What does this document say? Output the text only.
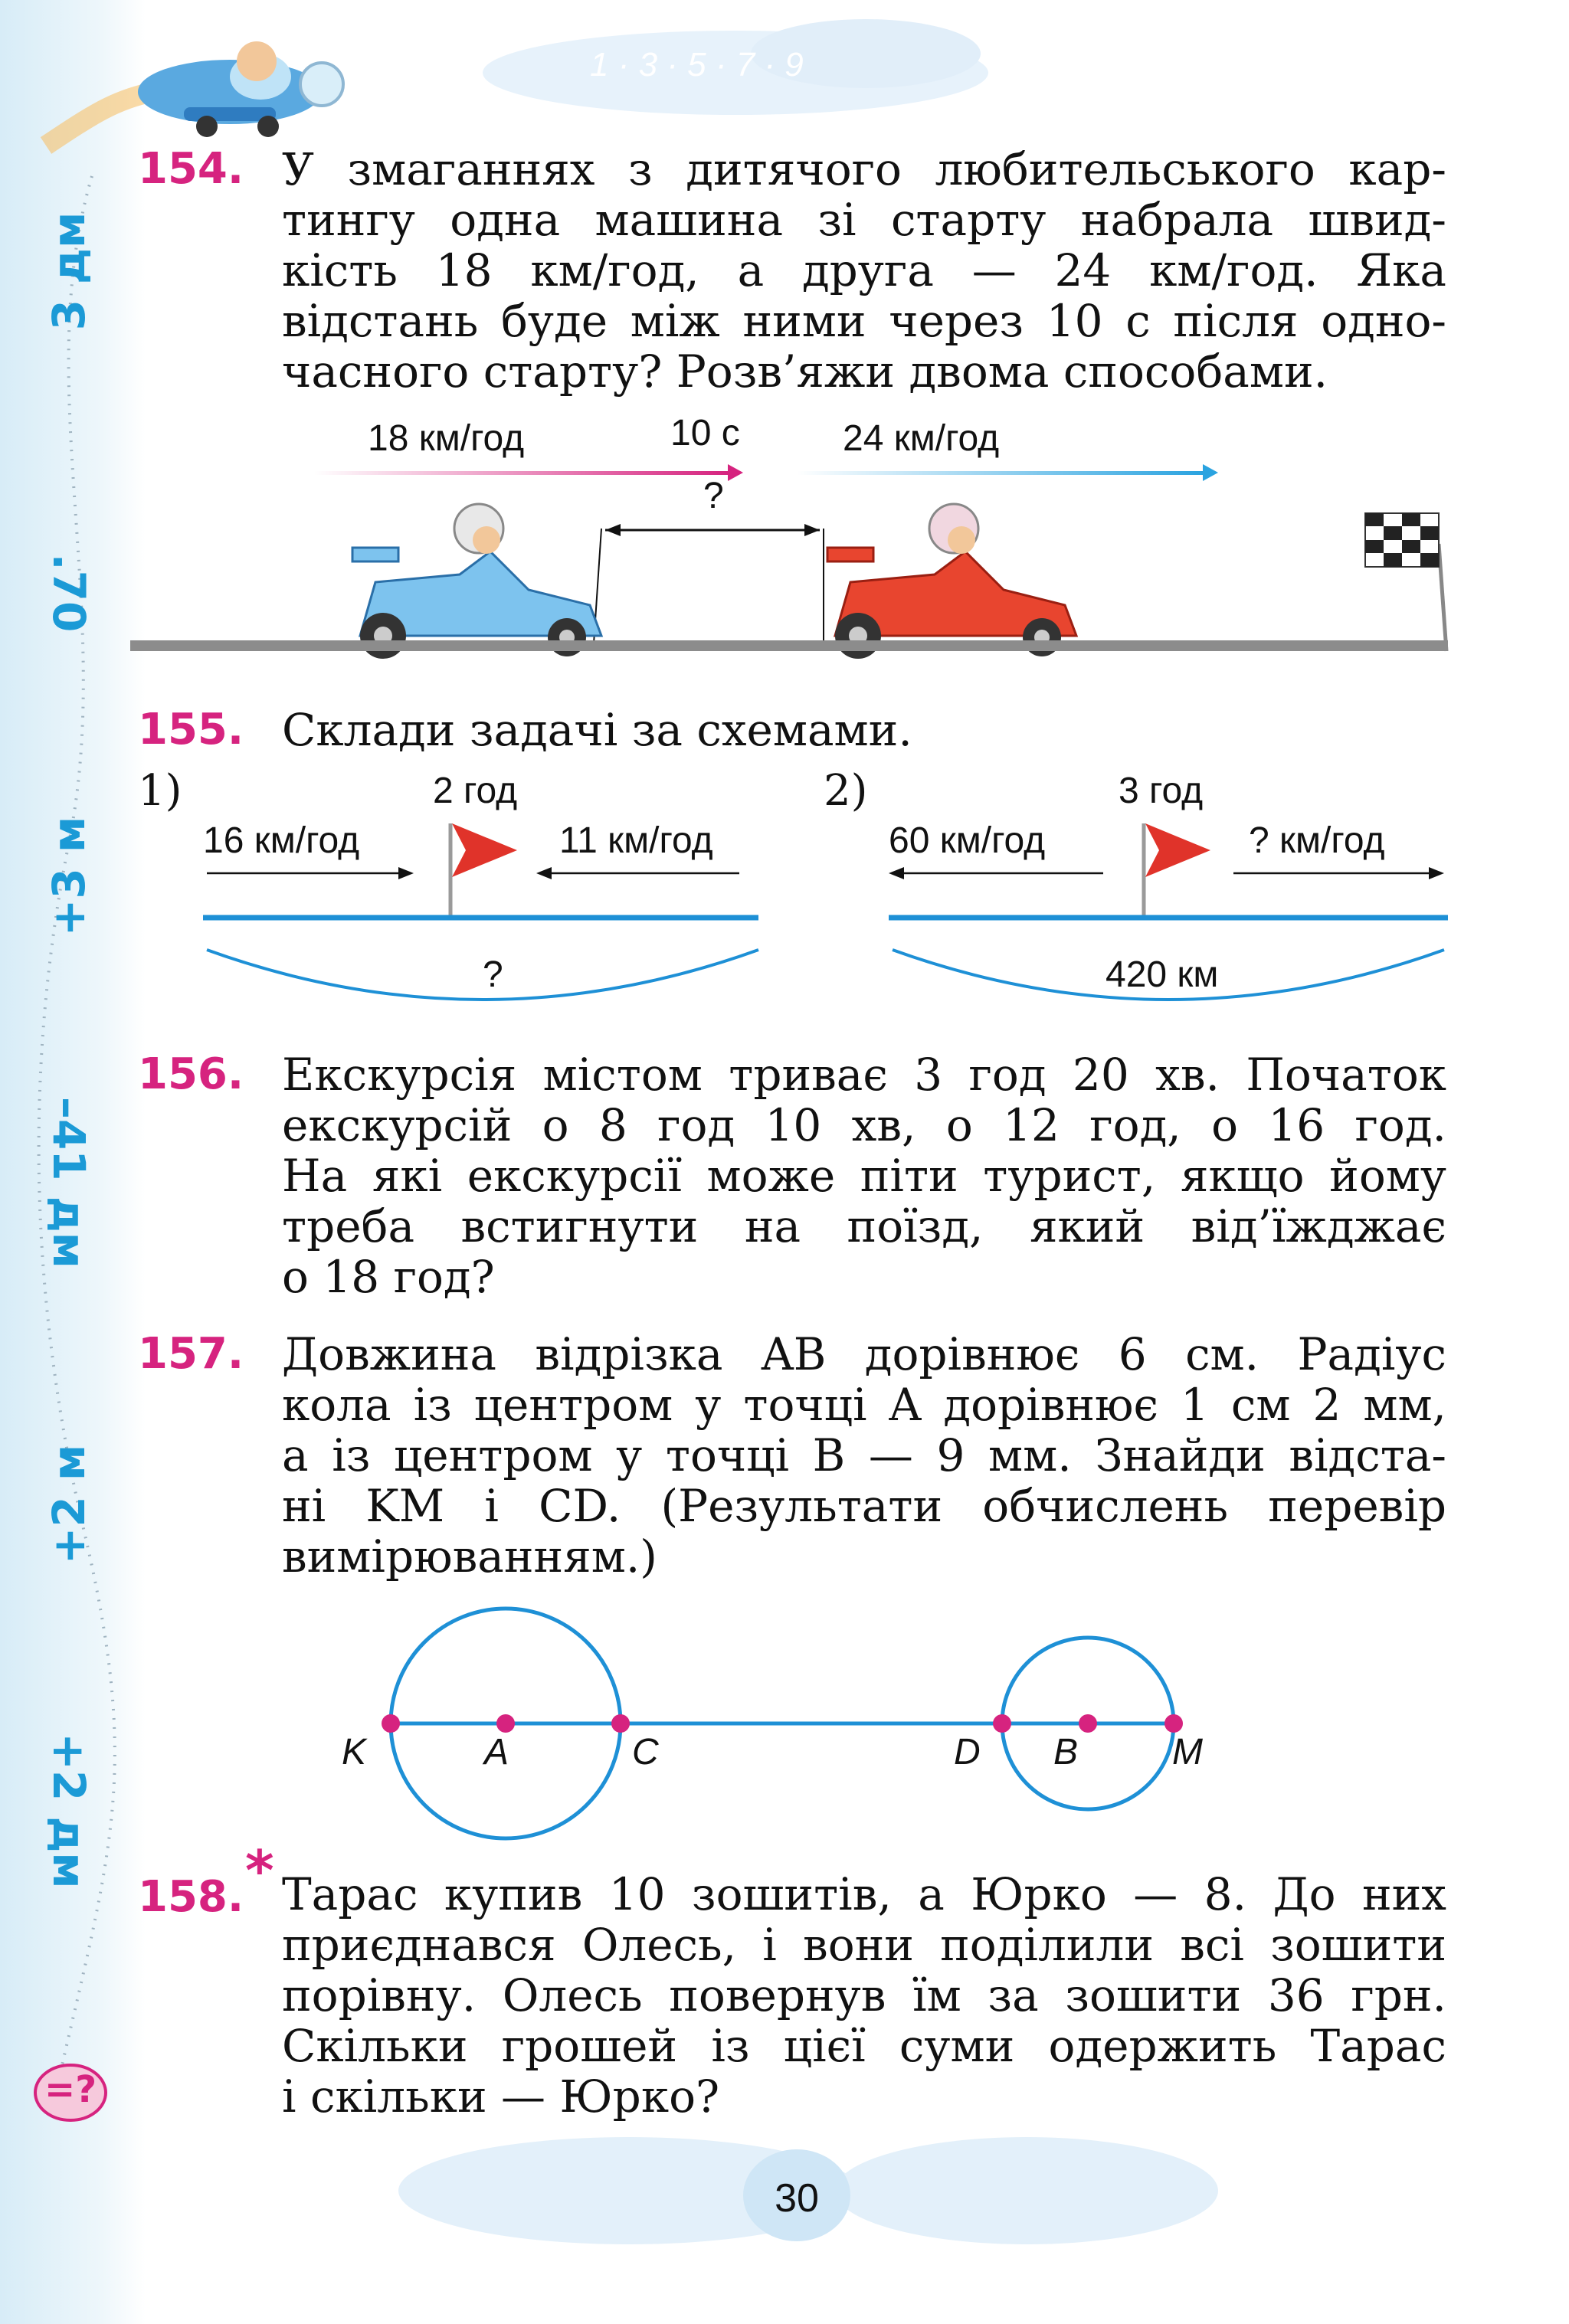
1 · 3 · 5 · 7 · 9
=?
3 дм
.70
+3 м
–41 дм
+2 м
+2 дм
154. У змаганнях з дитячого любительського кар-
тингу одна машина зі старту набрала швид-
кість 18 км/год, а друга — 24 км/год. Яка
відстань буде між ними через 10 с після одно-
часного старту? Розв’яжи двома способами.
18 км/год	10 с	24 км/год
?
155. Склади задачі за схемами.
1)	2 год
16 км/год	11 км/год
?
2)	3 год
60 км/год	? км/год
420 км
156. Екскурсія містом триває 3 год 20 хв. Початок
екскурсій о 8 год 10 хв, о 12 год, о 16 год.
На які екскурсії може піти турист, якщо йому
треба встигнути на поїзд, який від’їжджає
о 18 год?
157. Довжина відрізка AB дорівнює 6 см. Радіус
кола із центром у точці A дорівнює 1 см 2 мм,
а із центром у точці B — 9 мм. Знайди відста-
ні KM і CD. (Результати обчислень перевір
вимірюванням.)
K	A	C	D B	M
158. * Тарас купив 10 зошитів, а Юрко — 8. До них
приєднався Олесь, і вони поділили всі зошити
порівну. Олесь повернув їм за зошити 36 грн.
Скільки грошей із цієї суми одержить Тарас
і скільки — Юрко?
30
